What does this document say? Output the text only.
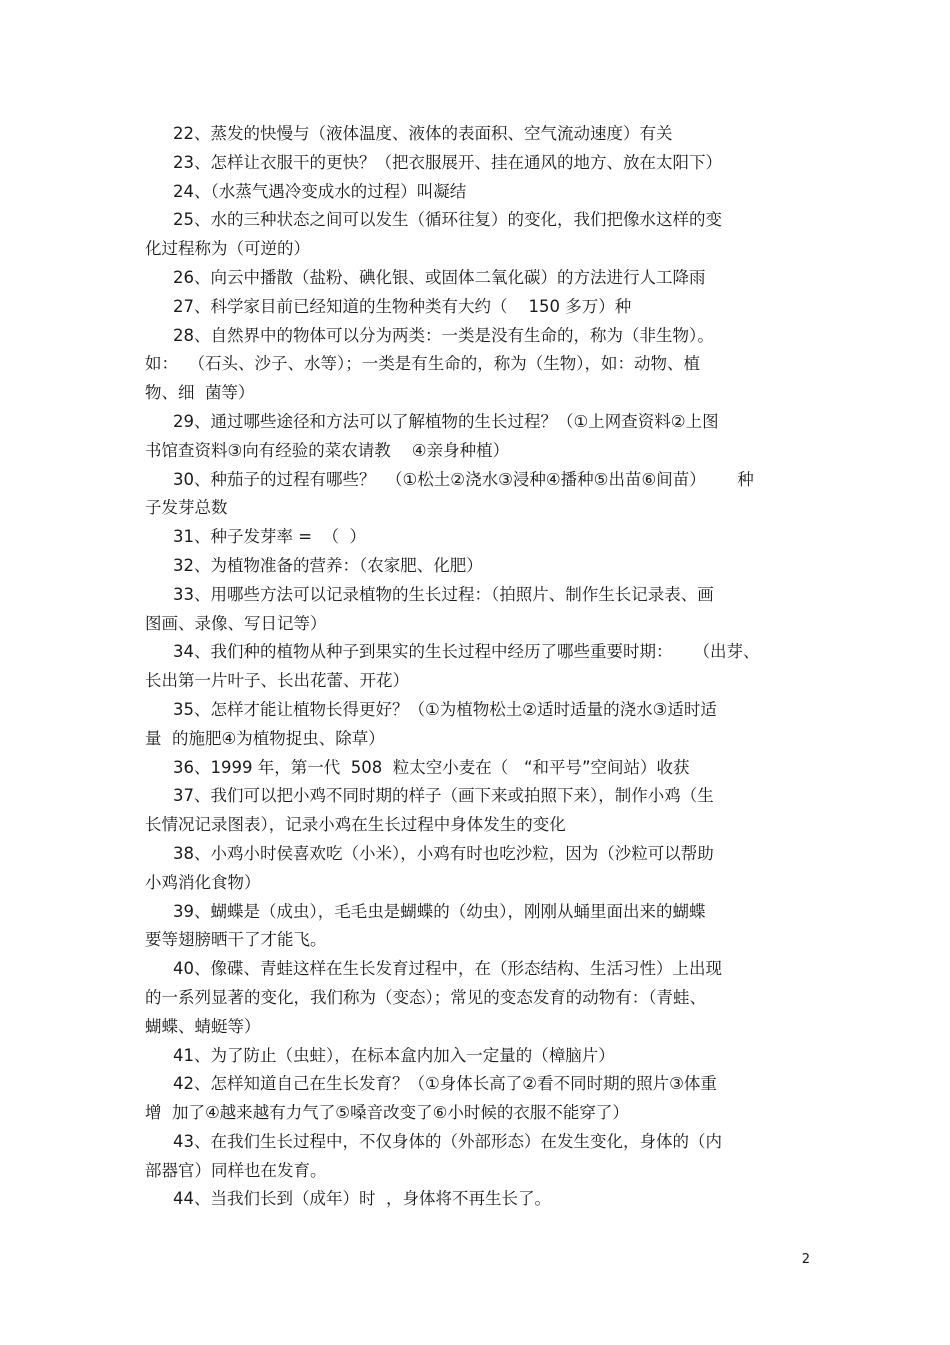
22、蒸发的快慢与（液体温度、液体的表面积、空气流动速度）有关
23、怎样让衣服干的更快？（把衣服展开、挂在通风的地方、放在太阳下）
24、（水蒸气遇冷变成水的过程）叫凝结
25、水的三种状态之间可以发生（循环往复）的变化，我们把像水这样的变
化过程称为（可逆的）
26、向云中播散（盐粉、碘化银、或固体二氧化碳）的方法进行人工降雨
27、科学家目前已经知道的生物种类有大约（    150 多万）种
28、自然界中的物体可以分为两类：一类是没有生命的，称为（非生物）。
如：  （石头、沙子、水等）；一类是有生命的，称为（生物），如：动物、植
物、细  菌等）
29、通过哪些途径和方法可以了解植物的生长过程？（①上网查资料②上图
书馆查资料③向有经验的菜农请教    ④亲身种植）
30、种茄子的过程有哪些？  （①松土②浇水③浸种④播种⑤出苗⑥间苗）      种
子发芽总数
31、种子发芽率 =  （  ）
32、为植物准备的营养：（农家肥、化肥）
33、用哪些方法可以记录植物的生长过程：（拍照片、制作生长记录表、画
图画、录像、写日记等）
34、我们种的植物从种子到果实的生长过程中经历了哪些重要时期：    （出芽、
长出第一片叶子、长出花蕾、开花）
35、怎样才能让植物长得更好？（①为植物松土②适时适量的浇水③适时适
量  的施肥④为植物捉虫、除草）
36、1999 年，第一代  508  粒太空小麦在（   “和平号”空间站）收获
37、我们可以把小鸡不同时期的样子（画下来或拍照下来），制作小鸡（生
长情况记录图表），记录小鸡在生长过程中身体发生的变化
38、小鸡小时侯喜欢吃（小米），小鸡有时也吃沙粒，因为（沙粒可以帮助
小鸡消化食物）
39、蝴蝶是（成虫），毛毛虫是蝴蝶的（幼虫），刚刚从蛹里面出来的蝴蝶
要等翅膀晒干了才能飞。
40、像碟、青蛙这样在生长发育过程中，在（形态结构、生活习性）上出现
的一系列显著的变化，我们称为（变态）；常见的变态发育的动物有：（青蛙、
蝴蝶、蜻蜓等）
41、为了防止（虫蛀），在标本盒内加入一定量的（樟脑片）
42、怎样知道自己在生长发育？（①身体长高了②看不同时期的照片③体重
增  加了④越来越有力气了⑤嗓音改变了⑥小时候的衣服不能穿了）
43、在我们生长过程中，不仅身体的（外部形态）在发生变化，身体的（内
部器官）同样也在发育。
44、当我们长到（成年）时  ，身体将不再生长了。
2
